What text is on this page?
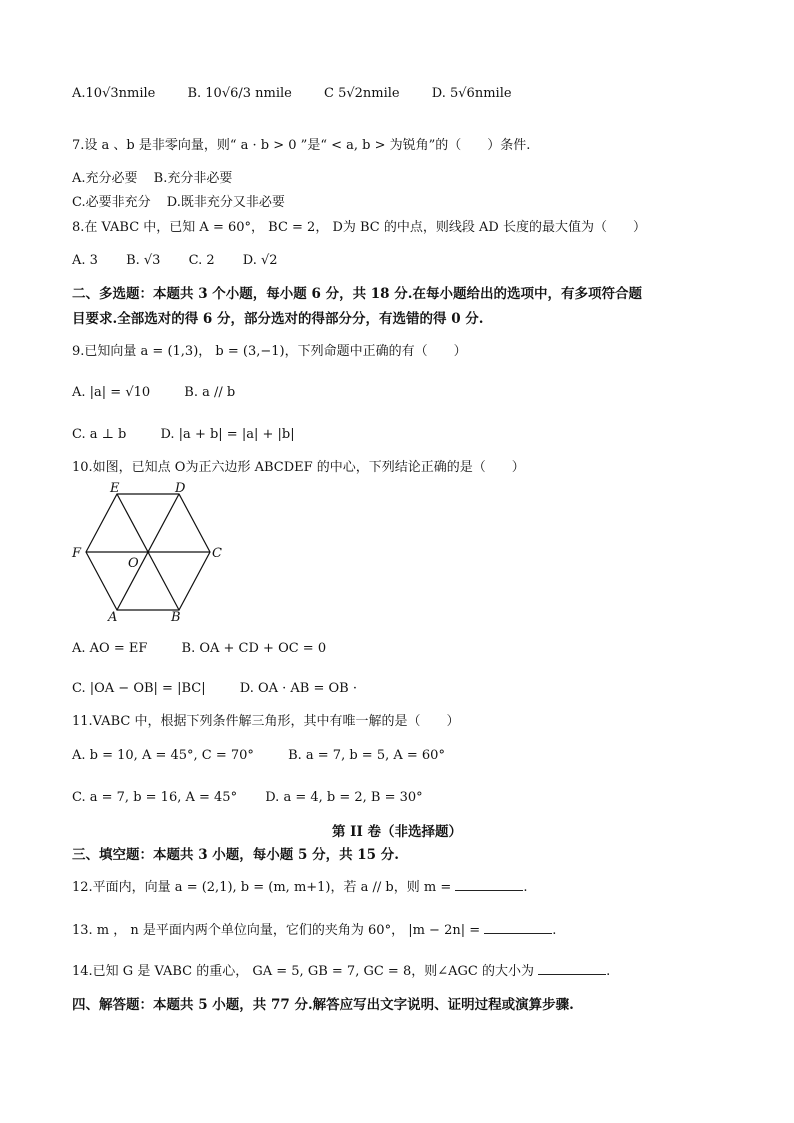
A.10√3nmile B. 10√6/3 nmile C 5√2nmile D. 5√6nmile
7.设 a 、b 是非零向量，则“ a · b > 0 ”是“ < a, b > 为锐角”的（　　）条件.
A.充分必要 B.充分非必要
C.必要非充分 D.既非充分又非必要
8.在 VABC 中，已知 A = 60°， BC = 2， D为 BC 的中点，则线段 AD 长度的最大值为（　　）
A. 3 B. √3 C. 2 D. √2
二、多选题：本题共 3 个小题，每小题 6 分，共 18 分.在每小题给出的选项中，有多项符合题
目要求.全部选对的得 6 分，部分选对的得部分分，有选错的得 0 分.
9.已知向量 a = (1,3)， b = (3,−1)，下列命题中正确的有（　　）
A. |a| = √10	B. a // b
C. a ⊥ b	D. |a + b| = |a| + |b|
10.如图，已知点 O为正六边形 ABCDEF 的中心，下列结论正确的是（　　）
E	D
F	C
O
A	B
A. AO = EF	B. OA + CD + OC = 0
C. |OA − OB| = |BC|	D. OA · AB = OB ·
11.VABC 中，根据下列条件解三角形，其中有唯一解的是（　　）
A. b = 10, A = 45°, C = 70°	B. a = 7, b = 5, A = 60°
C. a = 7, b = 16, A = 45° D. a = 4, b = 2, B = 30°
第 II 卷（非选择题）
三、填空题：本题共 3 小题，每小题 5 分，共 15 分.
12.平面内，向量 a = (2,1), b = (m, m+1)，若 a // b，则 m =	.
13. m ， n 是平面内两个单位向量，它们的夹角为 60°， |m − 2n| =	.
14.已知 G 是 VABC 的重心， GA = 5, GB = 7, GC = 8，则∠AGC 的大小为	.
四、解答题：本题共 5 小题，共 77 分.解答应写出文字说明、证明过程或演算步骤.
